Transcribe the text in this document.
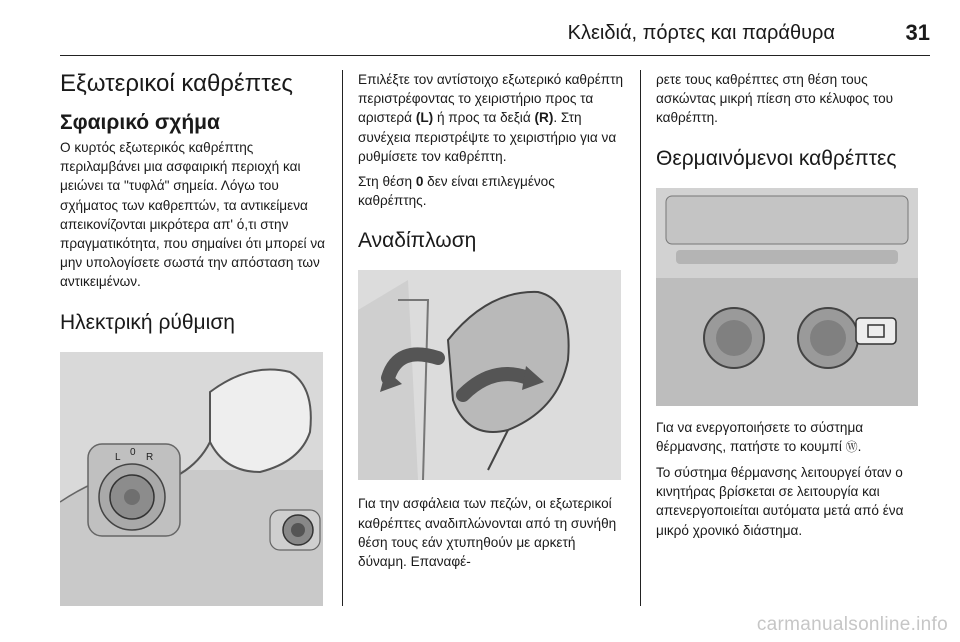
Κλειδιά, πόρτες και παράθυρα	31
Εξωτερικοί καθρέπτες
Σφαιρικό σχήμα

Ο κυρτός εξωτερικός καθρέπτης περιλαμβάνει μια ασφαιρική περιοχή και μειώνει τα "τυφλά" σημεία. Λόγω του σχήματος των καθρεπτών, τα αντικείμενα απεικονίζονται μικρότερα απ' ό,τι στην πραγματικότητα, που σημαίνει ότι μπορεί να μην υπολογίσετε σωστά την απόσταση των αντικειμένων.

Ηλεκτρική ρύθμιση
L 0 R

Επιλέξτε τον αντίστοιχο εξωτερικό καθρέπτη περιστρέφοντας το χειριστήριο προς τα αριστερά (L) ή προς τα δεξιά (R). Στη συνέχεια περιστρέψτε το χειριστήριο για να ρυθμίσετε τον καθρέπτη.

Στη θέση 0 δεν είναι επιλεγμένος καθρέπτης.

Αναδίπλωση

Για την ασφάλεια των πεζών, οι εξωτερικοί καθρέπτες αναδιπλώνονται από τη συνήθη θέση τους εάν χτυπηθούν με αρκετή δύναμη. Επαναφέ-

ρετε τους καθρέπτες στη θέση τους ασκώντας μικρή πίεση στο κέλυφος του καθρέπτη.

Θερμαινόμενοι καθρέπτες

Για να ενεργοποιήσετε το σύστημα θέρμανσης, πατήστε το κουμπί Ⓦ.

Το σύστημα θέρμανσης λειτουργεί όταν ο κινητήρας βρίσκεται σε λειτουργία και απενεργοποιείται αυτόματα μετά από ένα μικρό χρονικό διάστημα.

carmanualsonline.info
